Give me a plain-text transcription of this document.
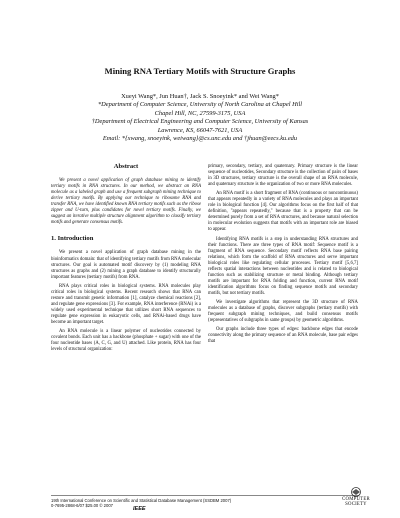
Mining RNA Tertiary Motifs with Structure Graphs
Xueyi Wang*, Jun Huan†, Jack S. Snoeyink* and Wei Wang*
*Department of Computer Science, University of North Carolina at Chapel Hill
Chapel Hill, NC, 27599-3175, USA
†Department of Electrical Engineering and Computer Science, University of Kansas
Lawrence, KS, 66047-7621, USA
Email: *{xwang, snoeyink, weiwang}@cs.unc.edu and †jhuan@eecs.ku.edu
Abstract

We present a novel application of graph database mining to identify tertiary motifs in RNA structures. In our method, we abstract an RNA molecule as a labeled graph and use a frequent subgraph mining technique to derive tertiary motifs. By applying our technique to ribosome RNA and transfer RNA, we have identified known RNA tertiary motifs such as the ribose zipper and U-turn, plus candidates for novel tertiary motifs. Finally, we suggest an iterative multiple structure alignment algorithm to classify tertiary motifs and generate consensus motifs.

1. Introduction

We present a novel application of graph database mining in the bioinformatics domain: that of identifying tertiary motifs from RNA molecular structures. Our goal is automated motif discovery by (1) modeling RNA structures as graphs and (2) mining a graph database to identify structurally important features (tertiary motifs) from RNA.

RNA plays critical roles in biological systems. RNA molecules play critical roles in biological systems. Recent research shows that RNA can restore and transmit genetic information [1], catalyze chemical reactions [2], and regulate gene expressions [3]. For example, RNA interference (RNAi) is a widely used experimental technique that utilizes short RNA sequences to regulate gene expression in eukaryotic cells, and RNAi-based drugs have become an important target.

An RNA molecule is a linear polymer of nucleotides connected by covalent bonds. Each unit has a backbone (phosphate + sugar) with one of the four nucleotide bases (A, C, G, and U) attached. Like protein, RNA has four levels of structural organization:

primary, secondary, tertiary, and quaternary. Primary structure is the linear sequence of nucleotides, Secondary structure is the collection of pairs of bases in 3D structures, tertiary structure is the overall shape of an RNA molecule, and quaternary structure is the organization of two or more RNA molecules.

An RNA motif is a short fragment of RNA (continuous or noncontinuous) that appears repeatedly in a variety of RNA molecules and plays an important role in biological function [4]. Our algorithms focus on the first half of that definition, "appears repeatedly," because that is a property that can be determined purely from a set of RNA structures, and because natural selection in molecular evolution suggests that motifs with an important role are biased to appear.

Identifying RNA motifs is a step in understanding RNA structures and their functions. There are three types of RNA motif: Sequence motif is a fragment of RNA sequence. Secondary motif reflects RNA base pairing relations, which form the scaffold of RNA structures and serve important biological roles like regulating cellular processes. Tertiary motif [5,6,7] reflects spatial interactions between nucleotides and is related to biological function such as stabilizing structure or metal binding. Although tertiary motifs are important for RNA folding and function, current RNA motif identification algorithms focus on finding sequence motifs and secondary motifs, but not tertiary motifs.

We investigate algorithms that represent the 3D structure of RNA molecules as a database of graphs, discover subgraphs (tertiary motifs) with frequent subgraph mining techniques, and build consensus motifs (representatives of subgraphs in same groups) by geometric algorithms.

Our graphs include three types of edges: backbone edges that encode connectivity along the primary sequence of an RNA molecule, base pair edges that

19th International Conference on Scientific and Statistical Database Management (SSDBM 2007)
0-7695-2868-6/07 $25.00 © 2007
IEEE
COMPUTER
SOCIETY
